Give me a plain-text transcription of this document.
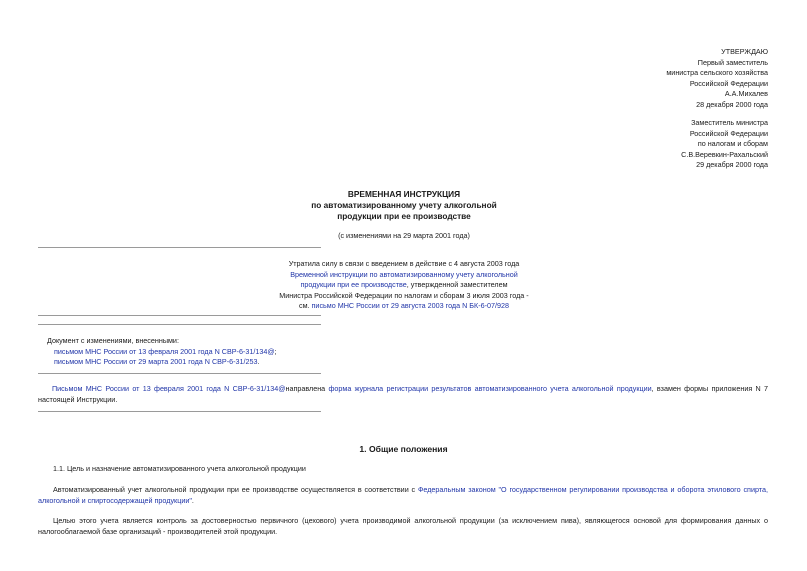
УТВЕРЖДАЮ
Первый заместитель
министра сельского хозяйства
Российской Федерации
А.А.Михалев
28 декабря 2000 года
Заместитель министра
Российской Федерации
по налогам и сборам
С.В.Веревкин-Рахальский
29 декабря 2000 года
ВРЕМЕННАЯ ИНСТРУКЦИЯ
по автоматизированному учету алкогольной
продукции при ее производстве
(с изменениями на 29 марта 2001 года)
Утратила силу в связи с введением в действие с 4 августа 2003 года
Временной инструкции по автоматизированному учету алкогольной
продукции при ее производстве, утвержденной заместителем
Министра Российской Федерации по налогам и сборам 3 июля 2003 года -
см. письмо МНС России от 29 августа 2003 года N БК-6-07/928
Документ с изменениями, внесенными:
письмом МНС России от 13 февраля 2001 года N СВР-6-31/134@;
письмом МНС России от 29 марта 2001 года N СВР-6-31/253.
Письмом МНС России от 13 февраля 2001 года N СВР-6-31/134@направлена форма журнала регистрации результатов автоматизированного учета алкогольной продукции, взамен формы приложения N 7 настоящей Инструкции.
1. Общие положения
1.1. Цель и назначение автоматизированного учета алкогольной продукции
Автоматизированный учет алкогольной продукции при ее производстве осуществляется в соответствии с Федеральным законом "О государственном регулировании производства и оборота этилового спирта, алкогольной и спиртосодержащей продукции".
Целью этого учета является контроль за достоверностью первичного (цехового) учета производимой алкогольной продукции (за исключением пива), являющегося основой для формирования данных о налогооблагаемой базе организаций - производителей этой продукции.
